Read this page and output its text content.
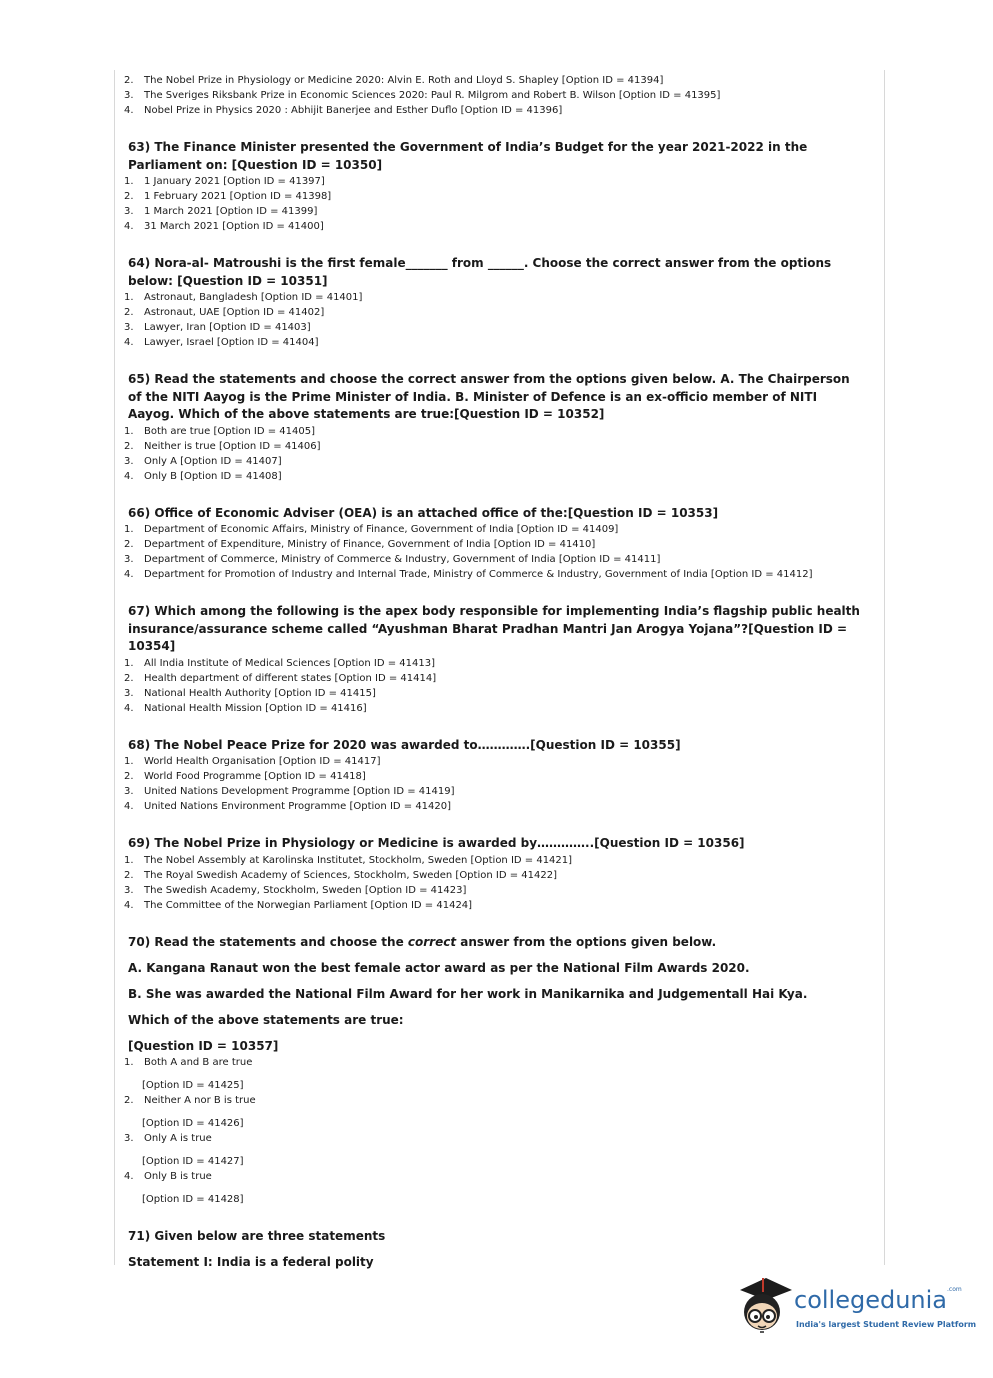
2. The Nobel Prize in Physiology or Medicine 2020: Alvin E. Roth and Lloyd S. Shapley [Option ID = 41394]
3. The Sveriges Riksbank Prize in Economic Sciences 2020: Paul R. Milgrom and Robert B. Wilson [Option ID = 41395]
4. Nobel Prize in Physics 2020 : Abhijit Banerjee and Esther Duflo [Option ID = 41396]
63) The Finance Minister presented the Government of India’s Budget for the year 2021-2022 in the Parliament on: [Question ID = 10350]
1. 1 January 2021 [Option ID = 41397]
2. 1 February 2021 [Option ID = 41398]
3. 1 March 2021 [Option ID = 41399]
4. 31 March 2021 [Option ID = 41400]
64) Nora-al- Matroushi is the first female_______ from ______. Choose the correct answer from the options below: [Question ID = 10351]
1. Astronaut, Bangladesh [Option ID = 41401]
2. Astronaut, UAE [Option ID = 41402]
3. Lawyer, Iran [Option ID = 41403]
4. Lawyer, Israel [Option ID = 41404]
65) Read the statements and choose the correct answer from the options given below. A. The Chairperson of the NITI Aayog is the Prime Minister of India. B. Minister of Defence is an ex-officio member of NITI Aayog. Which of the above statements are true:[Question ID = 10352]
1. Both are true [Option ID = 41405]
2. Neither is true [Option ID = 41406]
3. Only A [Option ID = 41407]
4. Only B [Option ID = 41408]
66) Office of Economic Adviser (OEA) is an attached office of the:[Question ID = 10353]
1. Department of Economic Affairs, Ministry of Finance, Government of India [Option ID = 41409]
2. Department of Expenditure, Ministry of Finance, Government of India [Option ID = 41410]
3. Department of Commerce, Ministry of Commerce & Industry, Government of India [Option ID = 41411]
4. Department for Promotion of Industry and Internal Trade, Ministry of Commerce & Industry, Government of India [Option ID = 41412]
67) Which among the following is the apex body responsible for implementing India’s flagship public health insurance/assurance scheme called “Ayushman Bharat Pradhan Mantri Jan Arogya Yojana”?[Question ID = 10354]
1. All India Institute of Medical Sciences [Option ID = 41413]
2. Health department of different states [Option ID = 41414]
3. National Health Authority [Option ID = 41415]
4. National Health Mission [Option ID = 41416]
68) The Nobel Peace Prize for 2020 was awarded to………….[Question ID = 10355]
1. World Health Organisation [Option ID = 41417]
2. World Food Programme [Option ID = 41418]
3. United Nations Development Programme [Option ID = 41419]
4. United Nations Environment Programme [Option ID = 41420]
69) The Nobel Prize in Physiology or Medicine is awarded by…………..[Question ID = 10356]
1. The Nobel Assembly at Karolinska Institutet, Stockholm, Sweden [Option ID = 41421]
2. The Royal Swedish Academy of Sciences, Stockholm, Sweden [Option ID = 41422]
3. The Swedish Academy, Stockholm, Sweden [Option ID = 41423]
4. The Committee of the Norwegian Parliament [Option ID = 41424]
70) Read the statements and choose the correct answer from the options given below.
A. Kangana Ranaut won the best female actor award as per the National Film Awards 2020.
B. She was awarded the National Film Award for her work in Manikarnika and Judgementall Hai Kya.
Which of the above statements are true:
[Question ID = 10357]
1. Both A and B are true
[Option ID = 41425]
2. Neither A nor B is true
[Option ID = 41426]
3. Only A is true
[Option ID = 41427]
4. Only B is true
[Option ID = 41428]
71) Given below are three statements
Statement I: India is a federal polity
collegedunia$^{.com}$
India's largest Student Review Platform
